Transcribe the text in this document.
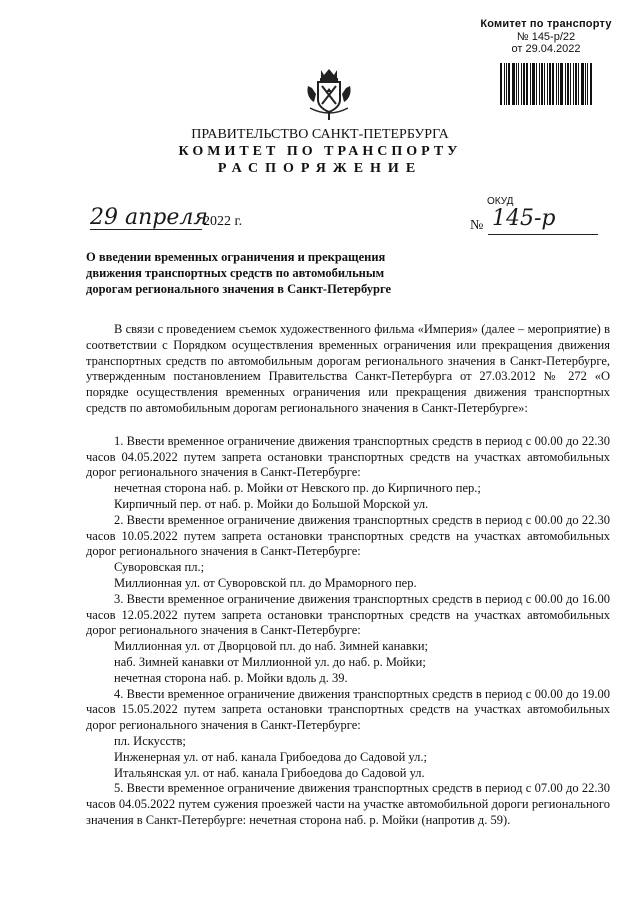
Комитет по транспорту
№ 145-р/22
от 29.04.2022
ПРАВИТЕЛЬСТВО САНКТ-ПЕТЕРБУРГА
КОМИТЕТ ПО ТРАНСПОРТУ
РАСПОРЯЖЕНИЕ
ОКУД
29 апреля
2022 г.	№ 145-р
О введении временных ограничения и прекращения движения транспортных средств по автомобильным дорогам регионального значения в Санкт-Петербурге

В связи с проведением съемок художественного фильма «Империя» (далее – мероприятие) в соответствии с Порядком осуществления временных ограничения или прекращения движения транспортных средств по автомобильным дорогам регионального значения в Санкт-Петербурге, утвержденным постановлением Правительства Санкт-Петербурга от 27.03.2012 № 272 «О порядке осуществления временных ограничения или прекращения движения транспортных средств по автомобильным дорогам регионального значения в Санкт-Петербурге»:

1. Ввести временное ограничение движения транспортных средств в период с 00.00 до 22.30 часов 04.05.2022 путем запрета остановки транспортных средств на участках автомобильных дорог регионального значения в Санкт-Петербурге:

нечетная сторона наб. р. Мойки от Невского пр. до Кирпичного пер.;

Кирпичный пер. от наб. р. Мойки до Большой Морской ул.

2. Ввести временное ограничение движения транспортных средств в период с 00.00 до 22.30 часов 10.05.2022 путем запрета остановки транспортных средств на участках автомобильных дорог регионального значения в Санкт-Петербурге:

Суворовская пл.;

Миллионная ул. от Суворовской пл. до Мраморного пер.

3. Ввести временное ограничение движения транспортных средств в период с 00.00 до 16.00 часов 12.05.2022 путем запрета остановки транспортных средств на участках автомобильных дорог регионального значения в Санкт-Петербурге:

Миллионная ул. от Дворцовой пл. до наб. Зимней канавки;

наб. Зимней канавки от Миллионной ул. до наб. р. Мойки;

нечетная сторона наб. р. Мойки вдоль д. 39.

4. Ввести временное ограничение движения транспортных средств в период с 00.00 до 19.00 часов 15.05.2022 путем запрета остановки транспортных средств на участках автомобильных дорог регионального значения в Санкт-Петербурге:

пл. Искусств;

Инженерная ул. от наб. канала Грибоедова до Садовой ул.;

Итальянская ул. от наб. канала Грибоедова до Садовой ул.

5. Ввести временное ограничение движения транспортных средств в период с 07.00 до 22.30 часов 04.05.2022 путем сужения проезжей части на участке автомобильной дороги регионального значения в Санкт-Петербурге: нечетная сторона наб. р. Мойки (напротив д. 59).
